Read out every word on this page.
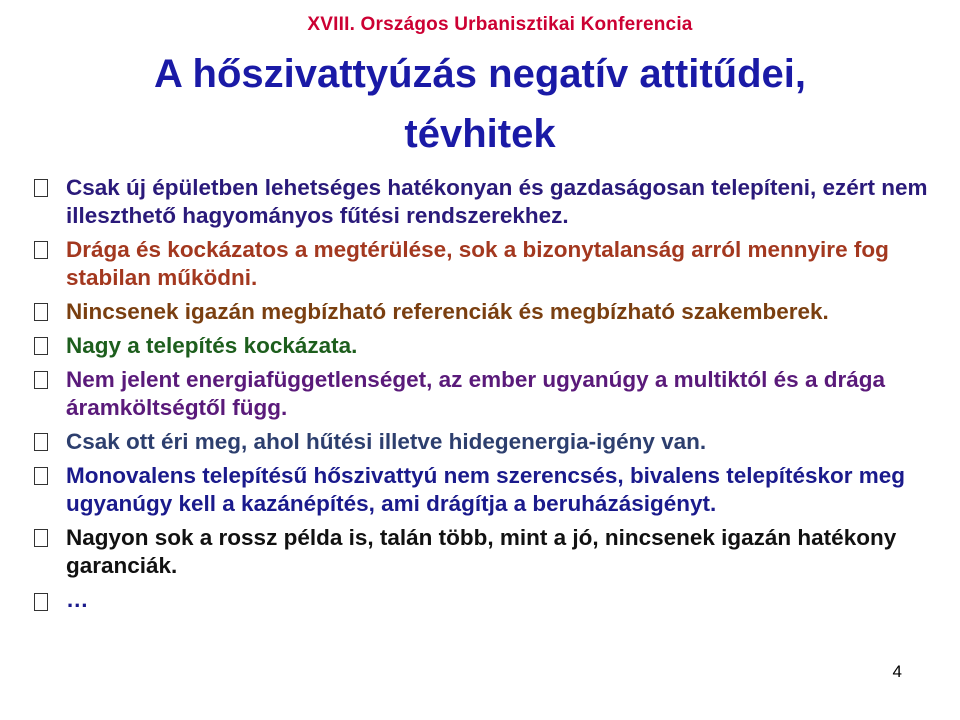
XVIII. Országos Urbanisztikai Konferencia
A hőszivattyúzás negatív attitűdei,
tévhitek
Csak új épületben lehetséges hatékonyan és gazdaságosan telepíteni, ezért nem illeszthető hagyományos fűtési rendszerekhez.
Drága és kockázatos a megtérülése, sok a bizonytalanság arról mennyire fog stabilan működni.
Nincsenek igazán megbízható referenciák és megbízható szakemberek.
Nagy a telepítés kockázata.
Nem jelent energiafüggetlenséget, az ember ugyanúgy a multiktól és a drága áramköltségtől függ.
Csak ott éri meg, ahol hűtési illetve hidegenergia-igény van.
Monovalens telepítésű hőszivattyú nem szerencsés, bivalens telepítéskor meg ugyanúgy kell a kazánépítés, ami drágítja a beruházásigényt.
Nagyon sok a rossz példa is, talán több, mint a jó, nincsenek igazán hatékony garanciák.
…
4
